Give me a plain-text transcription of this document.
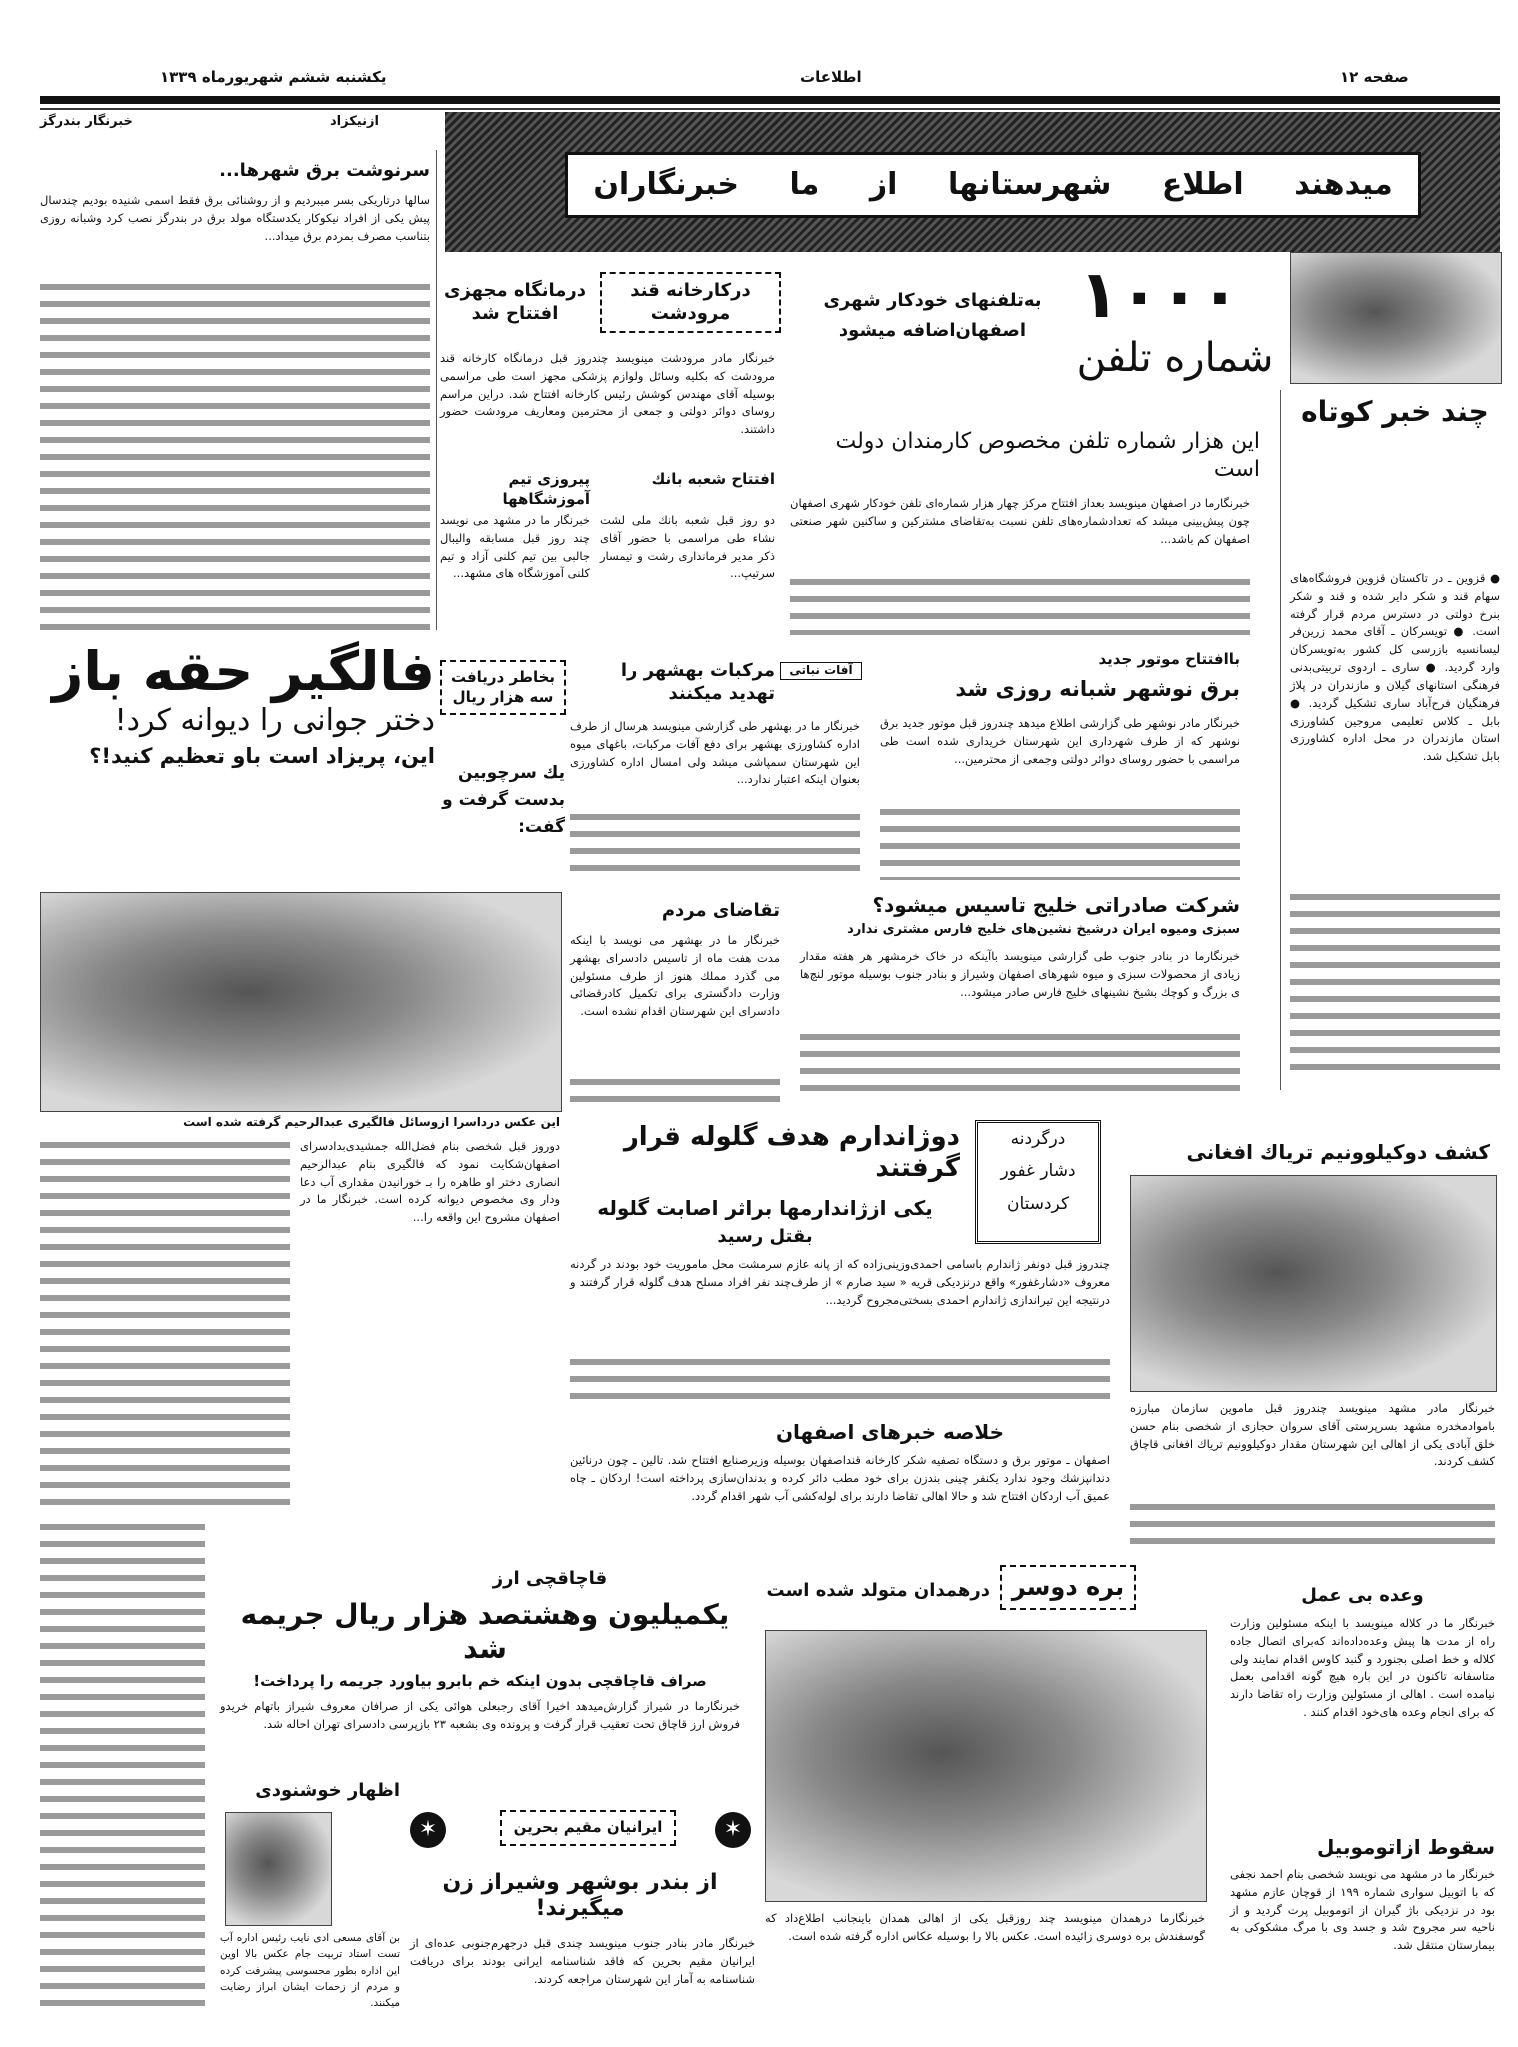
صفحه ۱۲
اطلاعات
یکشنبه ششم شهریورماه ۱۳۳۹
خبرنگار بندرگز	ازنیکزاد
خبرنگاران ما از شهرستانها اطلاع میدهند
سرنوشت برق شهرها...
سالها درتاریکی بسر میبردیم و از روشنائی برق فقط اسمی شنیده بودیم چندسال پیش یکی از افراد نیکوکار یکدستگاه مولد برق در بندرگز نصب کرد وشبانه روزی بتناسب مصرف بمردم برق میداد...
درمانگاه مجهزی افتتاح شد
درکارخانه قند مرودشت
خبرنگار مادر مرودشت مینویسد چندروز قبل درمانگاه کارخانه قند مرودشت که بکلیه وسائل ولوازم پزشکی مجهز است طی مراسمی بوسیله آقای مهندس کوشش رئیس کارخانه افتتاح شد. دراین مراسم روسای دوائر دولتی و جمعی از محترمین ومعاریف مرودشت حضور داشتند.
افتتاح شعبه بانك
دو روز قبل شعبه بانك ملی لشت نشاء طی مراسمی با حضور آقای ذکر مدیر فرمانداری رشت و تیمسار سرتیپ...
پیروزی تیم آموزشگاهها
خبرنگار ما در مشهد می نویسد چند روز قبل مسابقه والیبال جالبی بین تیم کلنی آزاد و تیم کلنی آموزشگاه های مشهد...
۱۰۰۰
شماره تلفن
به‌تلفنهای خودکار شهری
اصفهان‌اضافه میشود
این هزار شماره تلفن مخصوص کارمندان دولت است
خبرنگارما در اصفهان مینویسد بعداز افتتاح مرکز چهار هزار شماره‌ای تلفن خودکار شهری اصفهان چون پیش‌بینی میشد که تعدادشماره‌های تلفن نسبت به‌تقاضای مشترکین و ساکنین شهر صنعتی اصفهان کم باشد...
چند خبر کوتاه
● قزوین ـ در تاکستان قزوین فروشگاه‌های سهام قند و شکر دایر شده و قند و شکر بنرخ دولتی در دسترس مردم قرار گرفته است. ● تویسرکان ـ آقای محمد زرین‌فر لیسانسیه بازرسی کل کشور به‌تویسرکان وارد گردید. ● ساری ـ اردوی تربیتی‌بدنی فرهنگی استانهای گیلان و مازندران در پلاژ فرهنگیان فرح‌آباد ساری تشکیل گردید. ● بابل ـ کلاس تعلیمی مروجین کشاورزی استان مازندران در محل اداره کشاورزی بابل تشکیل شد.
فالگیر حقه باز
دختر جوانی را دیوانه کرد!
این، پریزاد است باو تعظیم کنید!؟
بخاطر دریافت سه هزار ریال
یك سرچوبین بدست گرفت و گفت:
این عکس درداسرا ازوسائل فالگیری عبدالرحیم گرفته شده است
دوروز قبل شخصی بنام فضل‌الله جمشیدی‌بدادسرای اصفهان‌شکایت نمود که فالگیری بنام عبدالرحیم انصاری دختر او طاهره را بـ خورانیدن مقداری آب دعا ودار وی مخصوص دیوانه کرده است. خبرنگار ما در اصفهان مشروح این واقعه را...
آفات نباتی
مرکبات بهشهر را تهدید میکنند
خبرنگار ما در بهشهر طی گزارشی مینویسد هرسال از طرف اداره کشاورزی بهشهر برای دفع آفات مرکبات، باغهای میوه این شهرستان سمپاشی میشد ولی امسال اداره کشاورزی بعنوان اینکه اعتبار ندارد...
باافتتاح موتور جدید
برق نوشهر شبانه روزی شد
خبرنگار مادر نوشهر طی گزارشی اطلاع میدهد چندروز قبل موتور جدید برق نوشهر که از طرف شهرداری این شهرستان خریداری شده است طی مراسمی با حضور روسای دوائر دولتی وجمعی از محترمین...
تقاضای مردم
خبرنگار ما در بهشهر می نویسد با اینکه مدت هفت ماه از تاسیس دادسرای بهشهر می گذرد مملك هنوز از طرف مسئولین وزارت دادگستری برای تکمیل کادرقضائی دادسرای این شهرستان اقدام نشده است.
شرکت صادراتی خلیج تاسیس میشود؟
سبزی ومیوه ایران درشیخ نشین‌های خلیج فارس مشتری ندارد
خبرنگارما در بنادر جنوب طی گزارشی مینویسد باآینکه در خاک خرمشهر هر هفته مقدار زیادی از محصولات سبزی و میوه شهرهای اصفهان وشیراز و بنادر جنوب بوسیله موتور لنچ‌ها ی بزرگ و کوچك بشیخ نشینهای خلیج فارس صادر میشود...
دوژاندارم هدف گلوله قرار گرفتند
درگردنه
دشار غفور
کردستان
یکی ازژاندارمها براثر اصابت گلوله
بقتل رسید
چندروز قبل دونفر ژاندارم باسامی احمدی‌وزینی‌زاده که از پانه عازم سرمشت محل ماموریت خود بودند در گردنه معروف «دشارغفور» واقع درنزدیکی قریه « سید صارم » از طرف‌چند نفر افراد مسلح هدف گلوله قرار گرفتند و درنتیجه این تیراندازی ژاندارم احمدی بسختی‌مجروح گردید...
کشف دوکیلوونیم تریاك افغانی
خبرنگار مادر مشهد مینویسد چندروز قبل ماموین سازمان مبارزه باموادمخدره مشهد بسرپرستی آقای سروان حجازی از شخصی بنام حسن خلق آبادی یکی از اهالی این شهرستان مقدار دوکیلوونیم تریاك افغانی قاچاق کشف کردند.
خلاصه خبرهای اصفهان
اصفهان ـ موتور برق و دستگاه تصفیه شکر کارخانه قنداصفهان بوسیله وزیرصنایع افتتاح شد. تالین ـ چون درنائین دندانپزشك وجود ندارد یکنفر چینی بندزن برای خود مطب دائر کرده و بدندان‌سازی پرداخته است! اردکان ـ چاه عمیق آب اردکان افتتاح شد و حالا اهالی تقاضا دارند برای لوله‌کشی آب شهر اقدام گردد.
قاچاقچی ارز
یکمیلیون وهشتصد هزار ریال جریمه شد
صراف قاچاقچی بدون اینکه خم بابرو بیاورد جریمه را پرداخت!
خبرنگارما در شیراز گزارش‌میدهد اخیرا آقای رجبعلی هوائی یکی از صرافان معروف شیراز باتهام خریدو فروش ارز قاچاق تحت تعقیب قرار گرفت و پرونده وی بشعبه ۲۳ بازپرسی دادسرای تهران احاله شد.
اظهار خوشنودی
بن آقای مسعی ادی نایب رئیس اداره آب تست استاد تربیت جام عکس بالا اوین این اداره بطور محسوسی پیشرفت کرده و مردم از زحمات ایشان ابراز رضایت میکنند.
✶	✶
ایرانیان مقیم بحرین
از بندر بوشهر وشیراز زن میگیرند!
خبرنگار مادر بنادر جنوب مینویسد چندی قبل درجهرم‌جنوبی عده‌ای از ایرانیان مقیم بحرین که فاقد شناسنامه ایرانی بودند برای دریافت شناسنامه به آمار این شهرستان مراجعه کردند.
بره دوسر
درهمدان متولد شده است
خبرنگارما درهمدان مینویسد چند روزقبل یکی از اهالی همدان باینجانب اطلاع‌داد که گوسفندش بره دوسری زائیده است. عکس بالا را بوسیله عکاس اداره گرفته شده است.
وعده بی عمل
خبرنگار ما در کلاله مینویسد با اینکه مسئولین وزارت راه از مدت ها پیش وعده‌داده‌اند که‌برای اتصال جاده کلاله و خط اصلی بجنورد و گنبد کاوس اقدام نمایند ولی متاسفانه تاکنون در این باره هیچ گونه اقدامی بعمل نیامده است . اهالی از مسئولین وزارت راه تقاضا دارند که برای انجام وعده های‌خود اقدام کنند .
سقوط ازاتوموبیل
خبرنگار ما در مشهد می نویسد شخصی بنام احمد نجفی که با اتوبیل سواری شماره ۱۹۹ از قوچان عازم مشهد بود در نزدیکی باژ گیران از اتوموبیل پرت گردید و از ناحیه سر مجروح شد و جسد وی با مرگ مشکوکی به بیمارستان منتقل شد.
